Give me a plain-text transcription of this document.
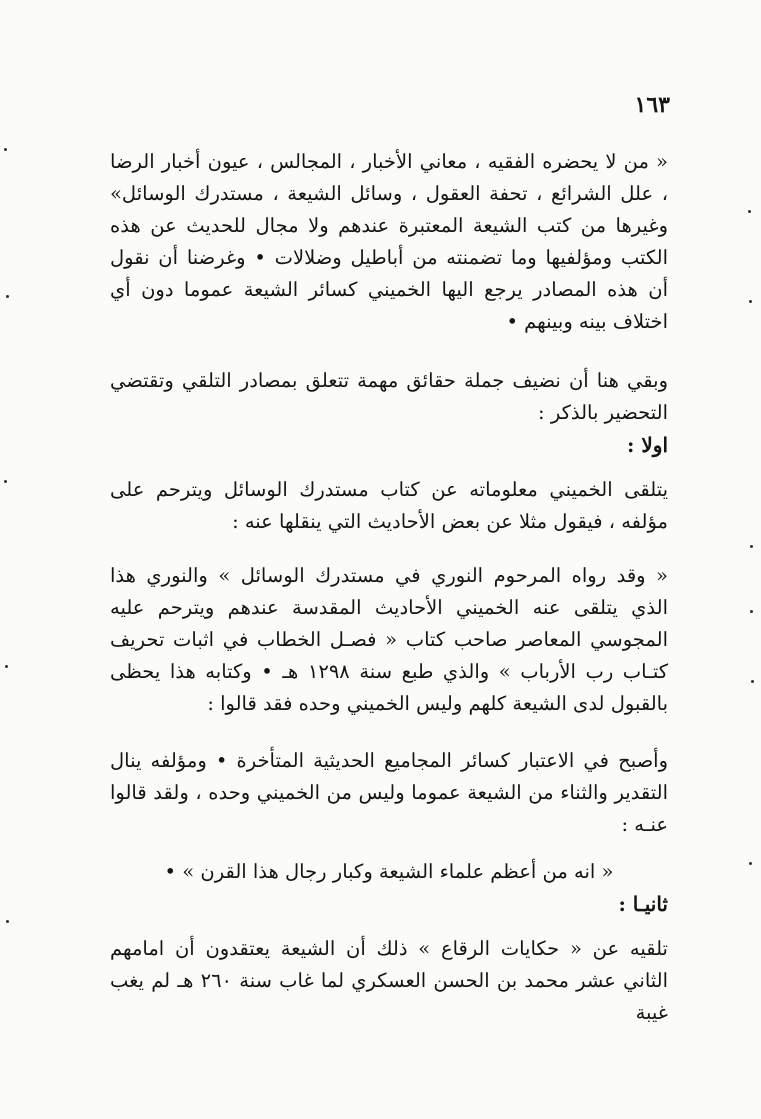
١٦٣
« من لا يحضره الفقيه ، معاني الأخبار ، المجالس ، عيون أخبار الرضا ، علل الشرائع ، تحفة العقول ، وسائل الشيعة ، مستدرك الوسائل» وغيرها من كتب الشيعة المعتبرة عندهم ولا مجال للحديث عن هذه الكتب ومؤلفيها وما تضمنته من أباطيل وضلالات • وغرضنا أن نقول أن هذه المصادر يرجع اليها الخميني كسائر الشيعة عموما دون أي اختلاف بينه وبينهم •
وبقي هنا أن نضيف جملة حقائق مهمة تتعلق بمصادر التلقي وتقتضي التحضير بالذكر :
اولا :
يتلقى الخميني معلوماته عن كتاب مستدرك الوسائل ويترحم على مؤلفه ، فيقول مثلا عن بعض الأحاديث التي ينقلها عنه :
« وقد رواه المرحوم النوري في مستدرك الوسائل » والنوري هذا الذي يتلقى عنه الخميني الأحاديث المقدسة عندهم ويترحم عليه المجوسي المعاصر صاحب كتاب « فصـل الخطاب في اثبات تحريف كتـاب رب الأرباب » والذي طبع سنة ١٢٩٨ هـ • وكتابه هذا يحظى بالقبول لدى الشيعة كلهم وليس الخميني وحده فقد قالوا :
وأصبح في الاعتبار كسائر المجاميع الحديثية المتأخرة • ومؤلفه ينال التقدير والثناء من الشيعة عموما وليس من الخميني وحده ، ولقد قالوا عنـه :
« انه من أعظم علماء الشيعة وكبار رجال هذا القرن » •
ثانيـا :
تلقيه عن « حكايات الرقاع » ذلك أن الشيعة يعتقدون أن امامهم الثاني عشر محمد بن الحسن العسكري لما غاب سنة ٢٦٠ هـ لم يغب غيبة
